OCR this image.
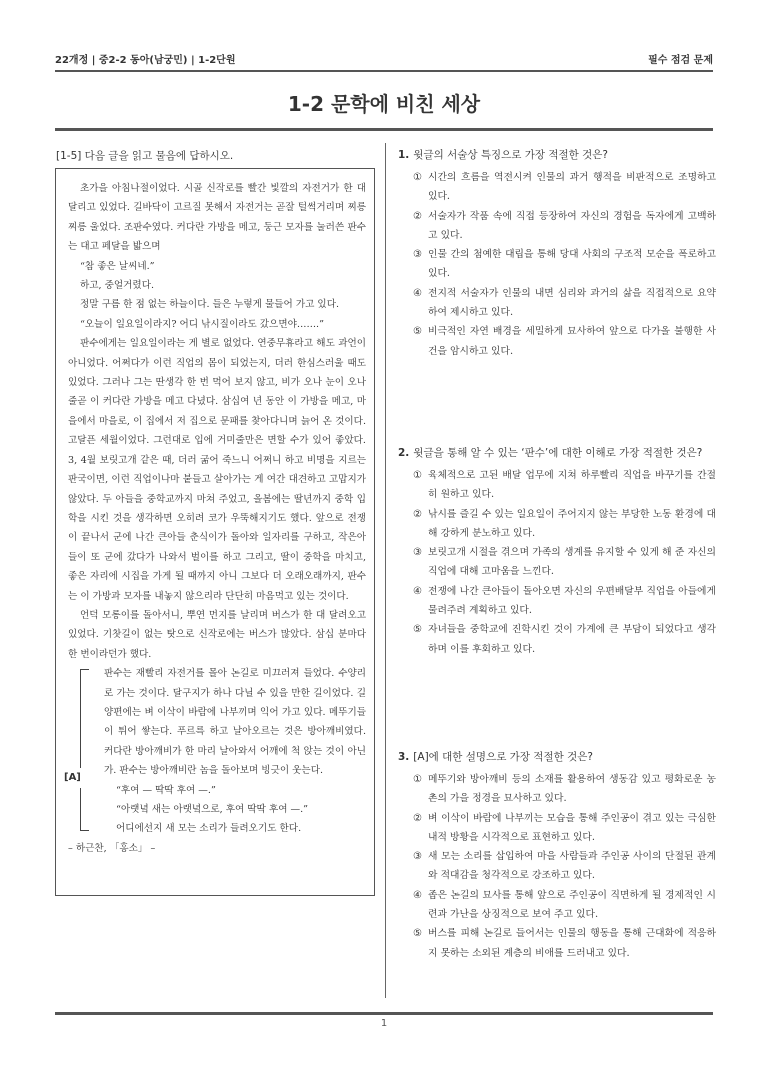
22개정 | 중2-2 동아(남궁민) | 1-2단원	필수 점검 문제
1-2 문학에 비친 세상
[1-5] 다음 글을 읽고 물음에 답하시오.

초가을 아침나절이었다. 시골 신작로를 빨간 빛깔의 자전거가 한 대 달리고 있었다. 길바닥이 고르질 못해서 자전거는 곧잘 털썩거리며 찌릉찌릉 울었다. 조판수였다. 커다란 가방을 메고, 둥근 모자를 눌러쓴 판수는 대고 페달을 밟으며

“참 좋은 날씨네.”

하고, 중얼거렸다.

정말 구름 한 점 없는 하늘이다. 들은 누렇게 물들어 가고 있다.

“오늘이 일요일이라지? 어디 낚시질이라도 갔으면야…….”

판수에게는 일요일이라는 게 별로 없었다. 연중무휴라고 해도 과언이 아니었다. 어쩌다가 이런 직업의 몸이 되었는지, 더러 한심스러울 때도 있었다. 그러나 그는 딴생각 한 번 먹어 보지 않고, 비가 오나 눈이 오나 줄곧 이 커다란 가방을 메고 다녔다. 삼십여 년 동안 이 가방을 메고, 마을에서 마을로, 이 집에서 저 집으로 문패를 찾아다니며 늙어 온 것이다. 고달픈 세월이었다. 그런대로 입에 거미줄만은 면할 수가 있어 좋았다. 3, 4월 보릿고개 같은 때, 더러 굶어 죽느니 어쩌니 하고 비명을 지르는 판국이면, 이런 직업이나마 붙들고 살아가는 게 여간 대견하고 고맙지가 않았다. 두 아들을 중학교까지 마쳐 주었고, 올봄에는 딸년까지 중학 입학을 시킨 것을 생각하면 오히려 코가 우뚝해지기도 했다. 앞으로 전쟁이 끝나서 군에 나간 큰아들 춘식이가 돌아와 일자리를 구하고, 작은아들이 또 군에 갔다가 나와서 벌이를 하고 그리고, 딸이 중학을 마치고, 좋은 자리에 시집을 가게 될 때까지 아니 그보다 더 오래오래까지, 판수는 이 가방과 모자를 내놓지 않으리라 단단히 마음먹고 있는 것이다.

언덕 모롱이를 돌아서니, 뿌연 먼지를 날리며 버스가 한 대 달려오고 있었다. 기찻길이 없는 탓으로 신작로에는 버스가 많았다. 삼십 분마다 한 번이라던가 했다.

[A]

판수는 재빨리 자전거를 몰아 논길로 미끄러져 들었다. 수양리로 가는 것이다. 달구지가 하나 다닐 수 있을 만한 길이었다. 길 양편에는 벼 이삭이 바람에 나부끼며 익어 가고 있다. 메뚜기들이 튀어 쌓는다. 푸르륵 하고 날아오르는 것은 방아깨비였다. 커다란 방아깨비가 한 마리 날아와서 어깨에 척 앉는 것이 아닌가. 판수는 방아깨비란 놈을 돌아보며 빙긋이 웃는다.

“후여 — 딱딱 후여 —.”

“아랫녘 새는 아랫녘으로, 후여 딱딱 후여 —.”

어디에선지 새 모는 소리가 들려오기도 한다.

– 하근찬, 「홍소」 –

1. 윗글의 서술상 특징으로 가장 적절한 것은?

① 시간의 흐름을 역전시켜 인물의 과거 행적을 비판적으로 조명하고 있다.

② 서술자가 작품 속에 직접 등장하여 자신의 경험을 독자에게 고백하고 있다.

③ 인물 간의 첨예한 대립을 통해 당대 사회의 구조적 모순을 폭로하고 있다.

④ 전지적 서술자가 인물의 내면 심리와 과거의 삶을 직접적으로 요약하여 제시하고 있다.

⑤ 비극적인 자연 배경을 세밀하게 묘사하여 앞으로 다가올 불행한 사건을 암시하고 있다.

2. 윗글을 통해 알 수 있는 ‘판수’에 대한 이해로 가장 적절한 것은?

① 육체적으로 고된 배달 업무에 지쳐 하루빨리 직업을 바꾸기를 간절히 원하고 있다.

② 낚시를 즐길 수 있는 일요일이 주어지지 않는 부당한 노동 환경에 대해 강하게 분노하고 있다.

③ 보릿고개 시절을 겪으며 가족의 생계를 유지할 수 있게 해 준 자신의 직업에 대해 고마움을 느낀다.

④ 전쟁에 나간 큰아들이 돌아오면 자신의 우편배달부 직업을 아들에게 물려주려 계획하고 있다.

⑤ 자녀들을 중학교에 진학시킨 것이 가계에 큰 부담이 되었다고 생각하며 이를 후회하고 있다.

3. [A]에 대한 설명으로 가장 적절한 것은?

① 메뚜기와 방아깨비 등의 소재를 활용하여 생동감 있고 평화로운 농촌의 가을 정경을 묘사하고 있다.

② 벼 이삭이 바람에 나부끼는 모습을 통해 주인공이 겪고 있는 극심한 내적 방황을 시각적으로 표현하고 있다.

③ 새 모는 소리를 삽입하여 마을 사람들과 주인공 사이의 단절된 관계와 적대감을 청각적으로 강조하고 있다.

④ 좁은 논길의 묘사를 통해 앞으로 주인공이 직면하게 될 경제적인 시련과 가난을 상징적으로 보여 주고 있다.

⑤ 버스를 피해 논길로 들어서는 인물의 행동을 통해 근대화에 적응하지 못하는 소외된 계층의 비애를 드러내고 있다.

1
